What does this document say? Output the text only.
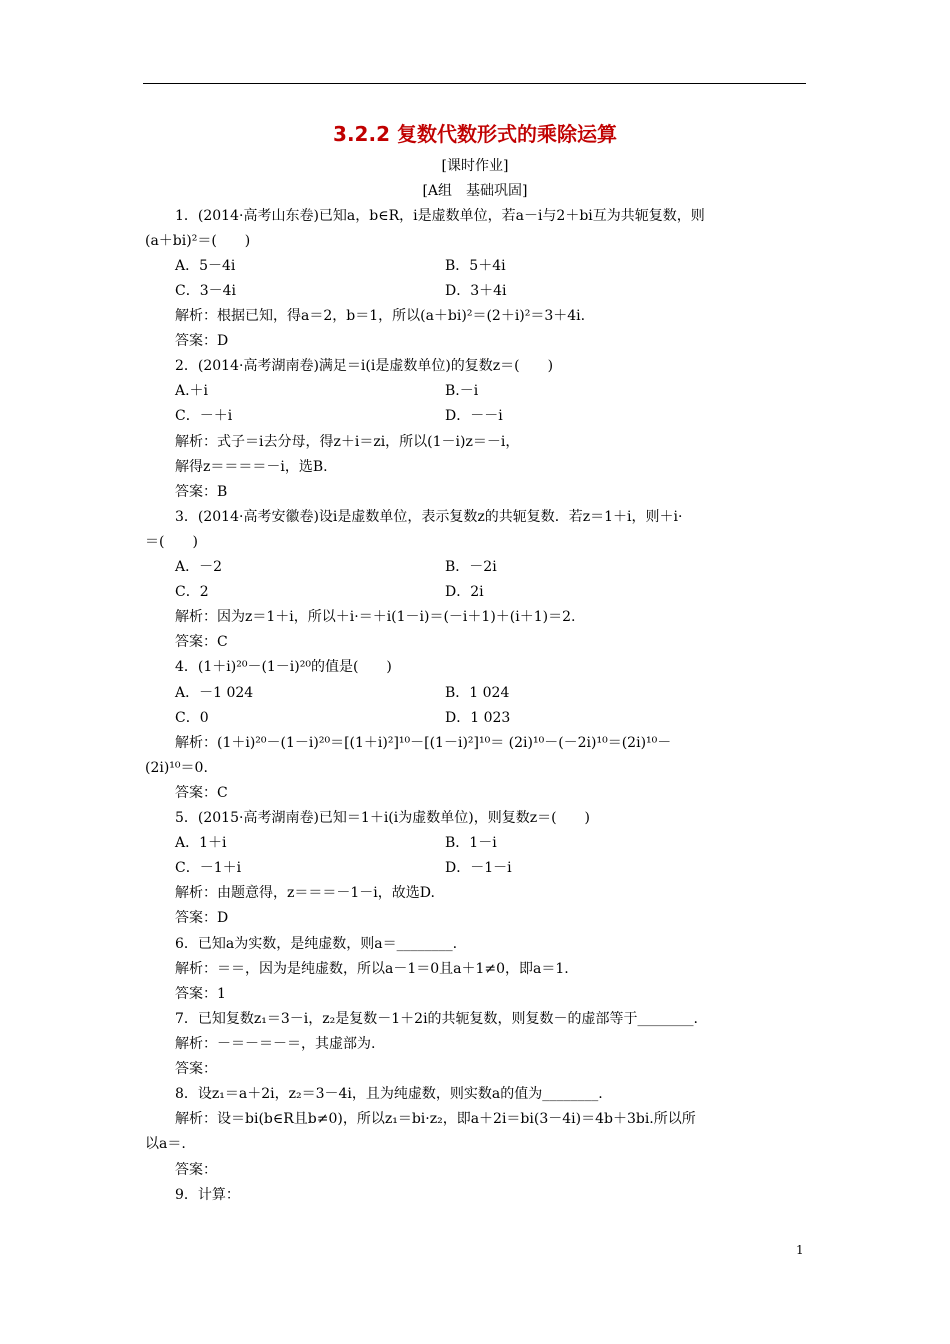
3.2.2 复数代数形式的乘除运算
[课时作业]
[A组　基础巩固]
1．(2014·高考山东卷)已知a，b∈R，i是虚数单位，若a－i与2＋bi互为共轭复数，则
(a＋bi)²＝(　　)
A．5－4i	B．5＋4i
C．3－4i	D．3＋4i
解析：根据已知，得a＝2，b＝1，所以(a＋bi)²＝(2＋i)²＝3＋4i.
答案：D
2．(2014·高考湖南卷)满足＝i(i是虚数单位)的复数z＝(　　)
A.＋i	B.－i
C．－＋i	D．－－i
解析：式子＝i去分母，得z＋i＝zi，所以(1－i)z＝－i，
解得z＝＝＝＝－i，选B.
答案：B
3．(2014·高考安徽卷)设i是虚数单位，表示复数z的共轭复数．若z＝1＋i，则＋i·
＝(　　)
A．－2	B．－2i
C．2	D．2i
解析：因为z＝1＋i，所以＋i·＝＋i(1－i)＝(－i＋1)＋(i＋1)＝2.
答案：C
4．(1＋i)²⁰－(1－i)²⁰的值是(　　)
A．－1 024	B．1 024
C．0	D．1 023
解析：(1＋i)²⁰－(1－i)²⁰＝[(1＋i)²]¹⁰－[(1－i)²]¹⁰＝ (2i)¹⁰－(－2i)¹⁰＝(2i)¹⁰－
(2i)¹⁰＝0.
答案：C
5．(2015·高考湖南卷)已知＝1＋i(i为虚数单位)，则复数z＝(　　)
A．1＋i	B．1－i
C．－1＋i	D．－1－i
解析：由题意得，z＝＝＝－1－i，故选D.
答案：D
6．已知a为实数，是纯虚数，则a＝________.
解析：＝＝，因为是纯虚数，所以a－1＝0且a＋1≠0，即a＝1.
答案：1
7．已知复数z₁＝3－i，z₂是复数－1＋2i的共轭复数，则复数－的虚部等于________.
解析：－＝－＝－＝，其虚部为.
答案：
8．设z₁＝a＋2i，z₂＝3－4i，且为纯虚数，则实数a的值为________.
解析：设＝bi(b∈R且b≠0)，所以z₁＝bi·z₂，即a＋2i＝bi(3－4i)＝4b＋3bi.所以所
以a＝.
答案：
9．计算：
1
